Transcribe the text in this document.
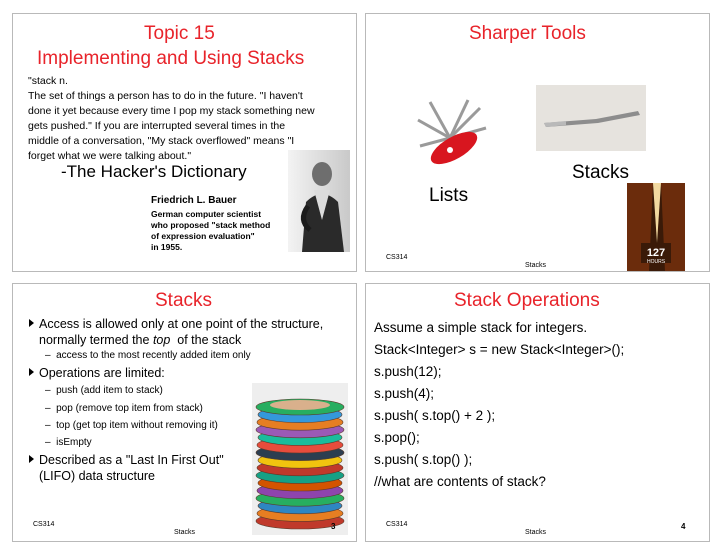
Topic 15
Implementing and Using Stacks
"stack n.
The set of things a person has to do in the future. "I haven't
done it yet because every time I pop my stack something new
gets pushed." If you are interrupted several times in the
middle of a conversation, "My stack overflowed" means "I
forget what we were talking about."
-The Hacker's Dictionary
Friedrich L. Bauer
German computer scientist
who proposed "stack method
of expression evaluation"
in 1955.
Sharper Tools
Stacks
Lists
127
HOURS
CS314
Stacks
Stacks
Access is allowed only at one point of the structure,
normally termed the top  of the stack
–  access to the most recently added item only
Operations are limited:
–  push (add item to stack)
–  pop (remove top item from stack)
–  top (get top item without removing it)
–  isEmpty
Described as a "Last In First Out"
(LIFO) data structure
CS314
Stacks
3
Stack Operations
Assume a simple stack for integers.
Stack<Integer> s = new Stack<Integer>();
s.push(12);
s.push(4);
s.push( s.top() + 2 );
s.pop();
s.push( s.top() );
//what are contents of stack?
CS314
Stacks
4
